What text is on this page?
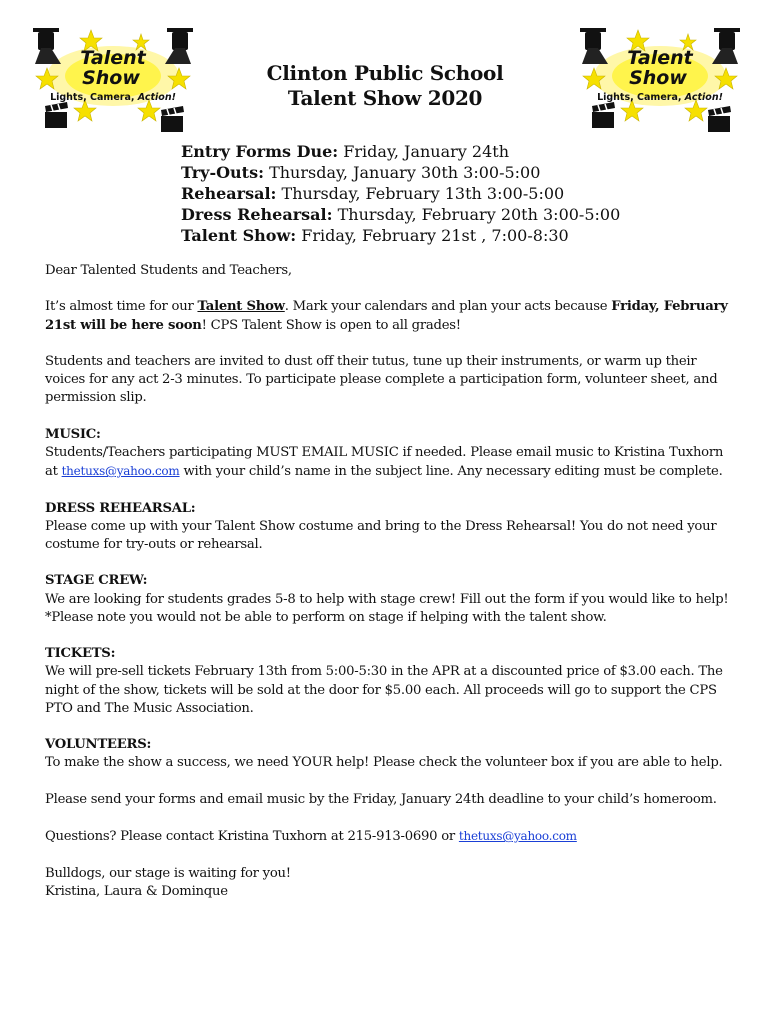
Talent
Show
Lights, Camera, Action!
Talent
Show
Lights, Camera, Action!
Clinton Public School
Talent Show 2020
Entry Forms Due: Friday, January 24th
Try-Outs: Thursday, January 30th 3:00-5:00
Rehearsal: Thursday, February 13th 3:00-5:00
Dress Rehearsal: Thursday, February 20th 3:00-5:00
Talent Show: Friday, February 21st , 7:00-8:30

Dear Talented Students and Teachers,

It’s almost time for our Talent Show. Mark your calendars and plan your acts because Friday, February 21st will be here soon! CPS Talent Show is open to all grades!

Students and teachers are invited to dust off their tutus, tune up their instruments, or warm up their voices for any act 2-3 minutes. To participate please complete a participation form, volunteer sheet, and permission slip.

MUSIC:
Students/Teachers participating MUST EMAIL MUSIC if needed. Please email music to Kristina Tuxhorn at thetuxs@yahoo.com with your child’s name in the subject line. Any necessary editing must be complete.

DRESS REHEARSAL:
Please come up with your Talent Show costume and bring to the Dress Rehearsal! You do not need your costume for try-outs or rehearsal.

STAGE CREW:
We are looking for students grades 5-8 to help with stage crew! Fill out the form if you would like to help! *Please note you would not be able to perform on stage if helping with the talent show.

TICKETS:
We will pre-sell tickets February 13th from 5:00-5:30 in the APR at a discounted price of $3.00 each. The night of the show, tickets will be sold at the door for $5.00 each. All proceeds will go to support the CPS PTO and The Music Association.

VOLUNTEERS:
To make the show a success, we need YOUR help! Please check the volunteer box if you are able to help.

Please send your forms and email music by the Friday, January 24th deadline to your child’s homeroom.

Questions? Please contact Kristina Tuxhorn at 215-913-0690 or thetuxs@yahoo.com

Bulldogs, our stage is waiting for you!
Kristina, Laura & Dominque
